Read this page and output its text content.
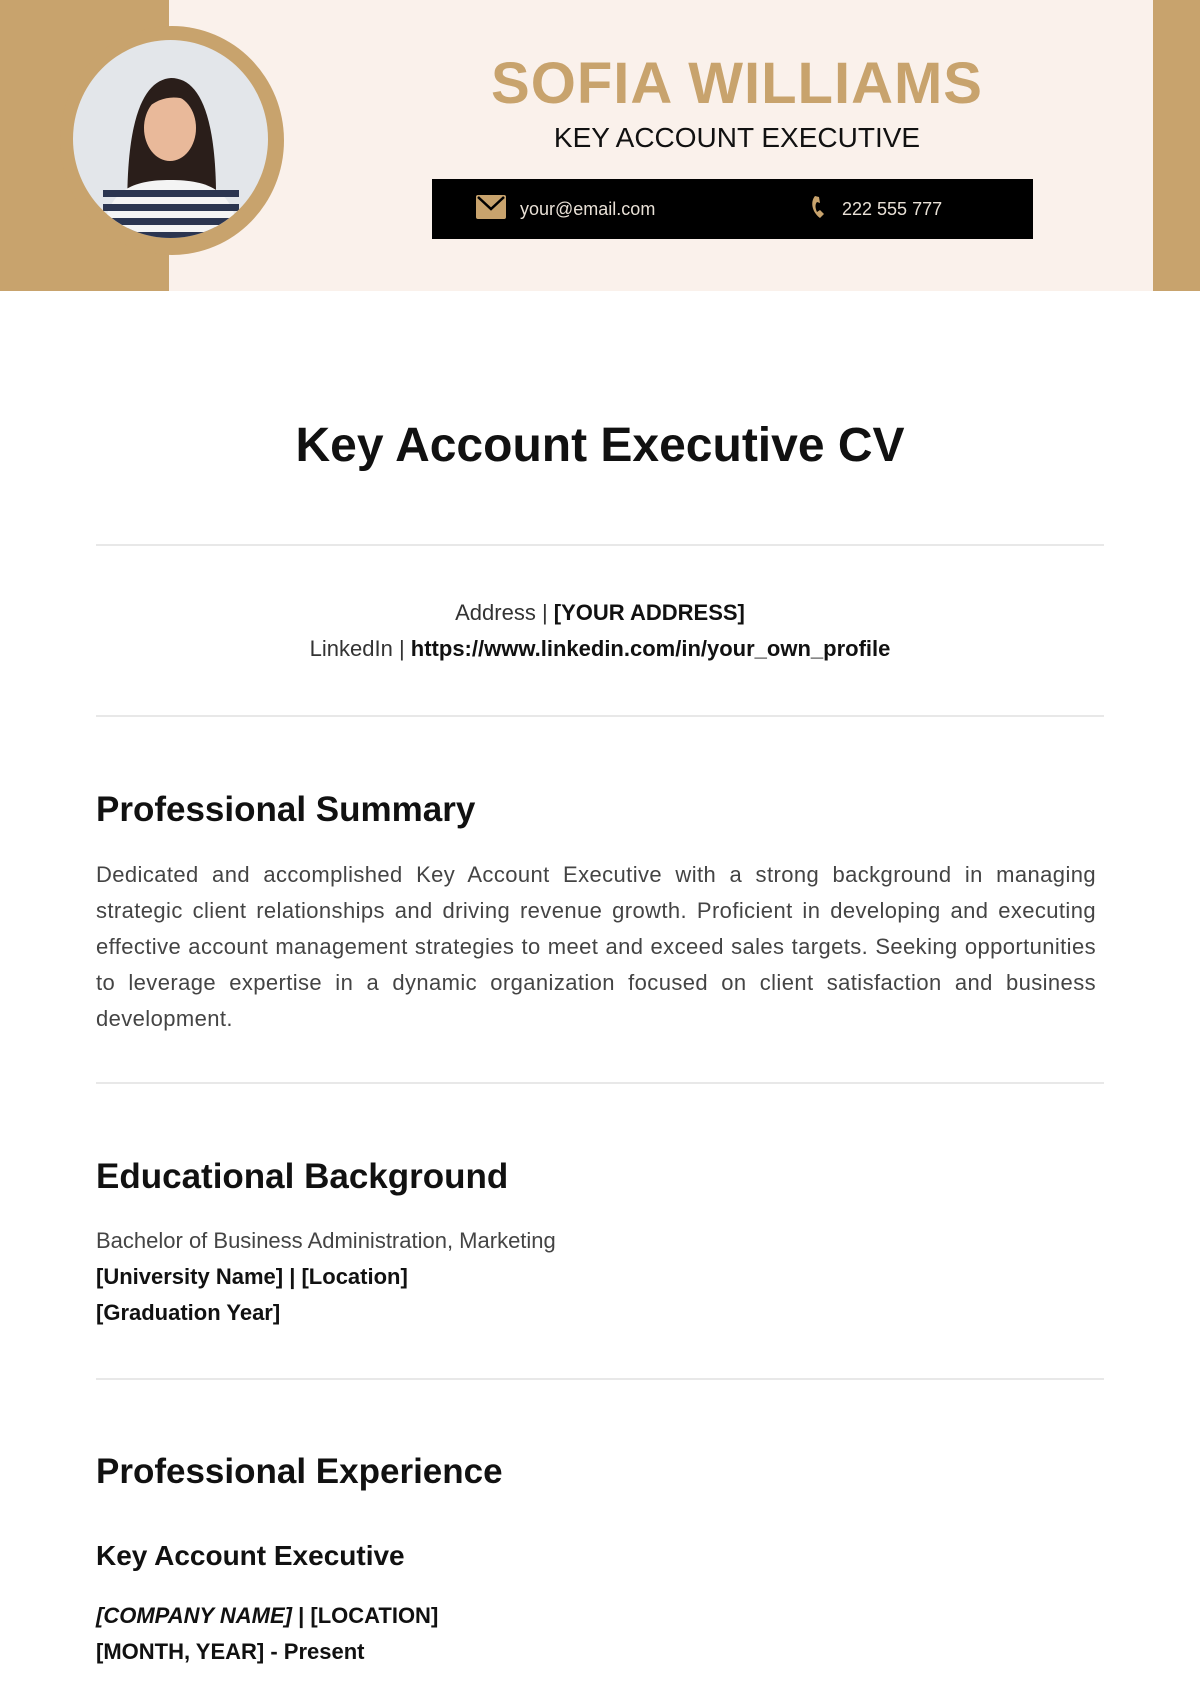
SOFIA WILLIAMS
KEY ACCOUNT EXECUTIVE
your@email.com	222 555 777
Key Account Executive CV
Address | [YOUR ADDRESS]
LinkedIn | https://www.linkedin.com/in/your_own_profile
Professional Summary
Dedicated and accomplished Key Account Executive with a strong background in managing strategic client relationships and driving revenue growth. Proficient in developing and executing effective account management strategies to meet and exceed sales targets. Seeking opportunities to leverage expertise in a dynamic organization focused on client satisfaction and business development.
Educational Background
Bachelor of Business Administration, Marketing
[University Name] | [Location]
[Graduation Year]
Professional Experience
Key Account Executive
[COMPANY NAME] | [LOCATION]
[MONTH, YEAR] - Present
